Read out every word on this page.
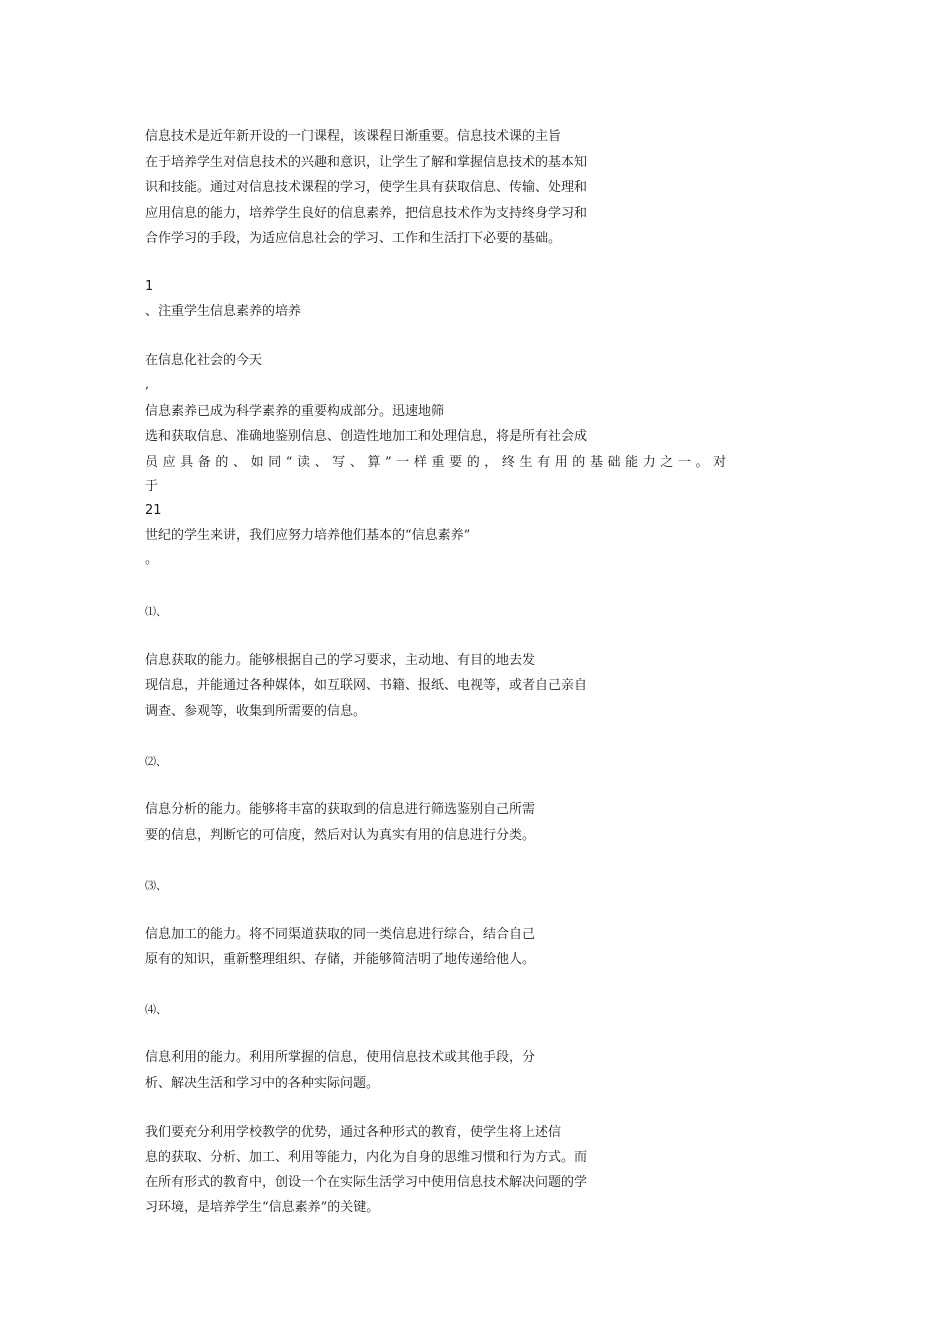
信息技术是近年新开设的一门课程，该课程日渐重要。信息技术课的主旨
在于培养学生对信息技术的兴趣和意识，让学生了解和掌握信息技术的基本知
识和技能。通过对信息技术课程的学习，使学生具有获取信息、传输、处理和
应用信息的能力，培养学生良好的信息素养，把信息技术作为支持终身学习和
合作学习的手段，为适应信息社会的学习、工作和生活打下必要的基础。
1
、注重学生信息素养的培养
在信息化社会的今天
,
信息素养已成为科学素养的重要构成部分。迅速地筛
选和获取信息、准确地鉴别信息、创造性地加工和处理信息，将是所有社会成
员应具备的、如同“读、写、算”一样重要的，终生有用的基础能力之一。对
于
21
世纪的学生来讲，我们应努力培养他们基本的“信息素养”
。
⑴、
信息获取的能力。能够根据自己的学习要求，主动地、有目的地去发
现信息，并能通过各种媒体，如互联网、书籍、报纸、电视等，或者自己亲自
调查、参观等，收集到所需要的信息。
⑵、
信息分析的能力。能够将丰富的获取到的信息进行筛选鉴别自己所需
要的信息，判断它的可信度，然后对认为真实有用的信息进行分类。
⑶、
信息加工的能力。将不同渠道获取的同一类信息进行综合，结合自己
原有的知识，重新整理组织、存储，并能够简洁明了地传递给他人。
⑷、
信息利用的能力。利用所掌握的信息，使用信息技术或其他手段，分
析、解决生活和学习中的各种实际问题。
我们要充分利用学校教学的优势，通过各种形式的教育，使学生将上述信
息的获取、分析、加工、利用等能力，内化为自身的思维习惯和行为方式。而
在所有形式的教育中，创设一个在实际生活学习中使用信息技术解决问题的学
习环境，是培养学生“信息素养”的关键。
